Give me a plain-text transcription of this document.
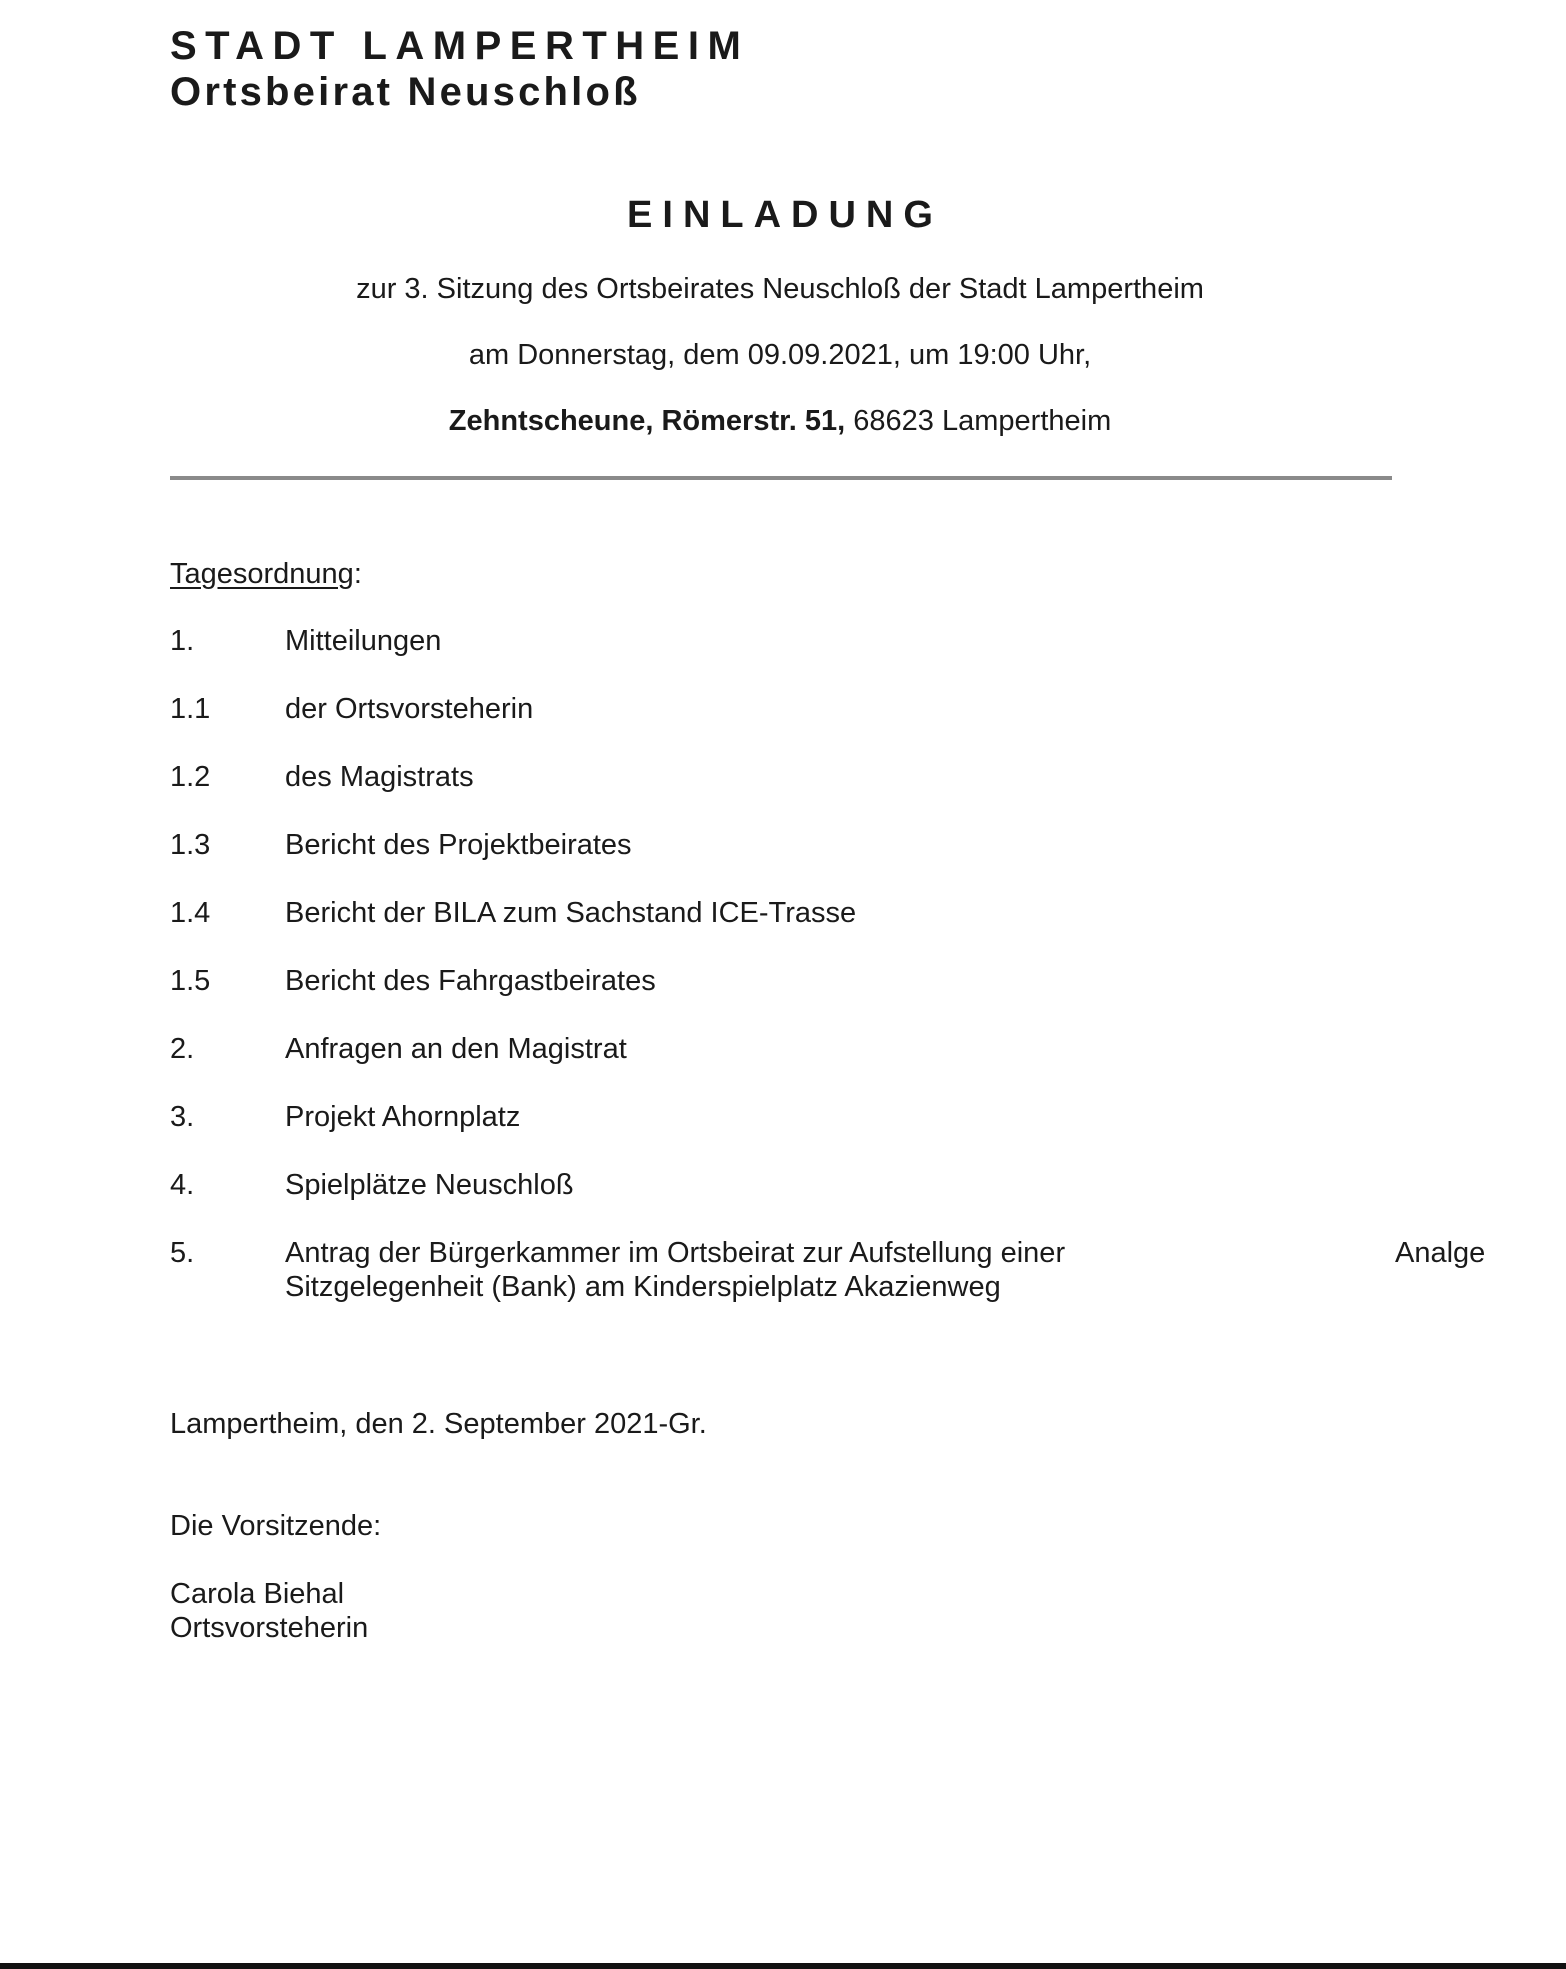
STADT LAMPERTHEIM
Ortsbeirat Neuschloß
EINLADUNG
zur 3. Sitzung des Ortsbeirates Neuschloß der Stadt Lampertheim
am Donnerstag, dem 09.09.2021, um 19:00 Uhr,
Zehntscheune, Römerstr. 51, 68623 Lampertheim
Tagesordnung:
1.	Mitteilungen
1.1	der Ortsvorsteherin
1.2	des Magistrats
1.3	Bericht des Projektbeirates
1.4	Bericht der BILA zum Sachstand ICE-Trasse
1.5	Bericht des Fahrgastbeirates
2.	Anfragen an den Magistrat
3.	Projekt Ahornplatz
4.	Spielplätze Neuschloß
5.	Antrag der Bürgerkammer im Ortsbeirat zur Aufstellung einer	Analge
Sitzgelegenheit (Bank) am Kinderspielplatz Akazienweg
Lampertheim, den 2. September 2021-Gr.
Die Vorsitzende:
Carola Biehal
Ortsvorsteherin
